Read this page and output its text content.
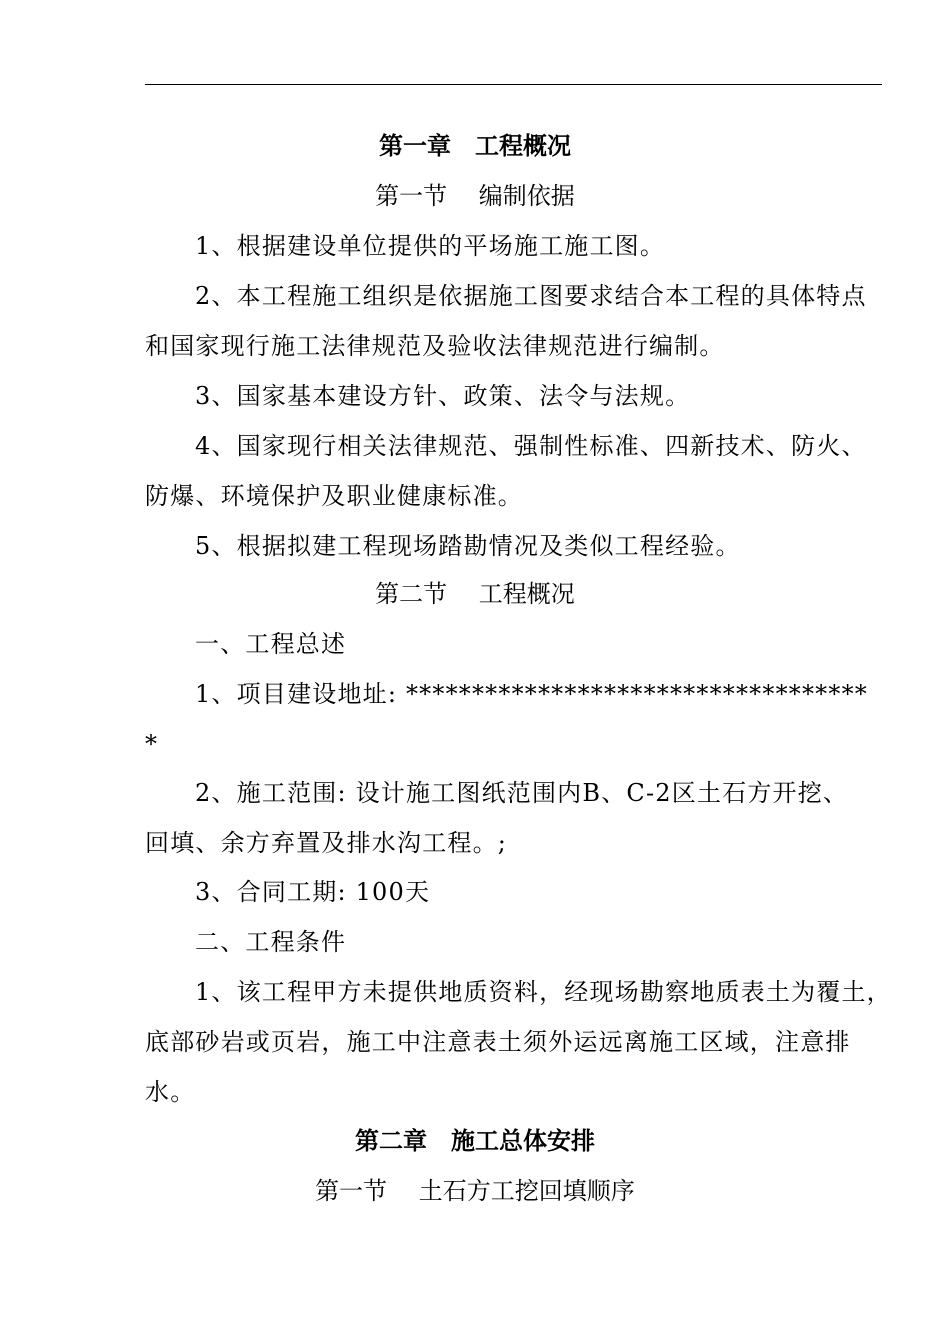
第一章　工程概况
第一节　 编制依据
1、根据建设单位提供的平场施工施工图。
2、本工程施工组织是依据施工图要求结合本工程的具体特点
和国家现行施工法律规范及验收法律规范进行编制。
3、国家基本建设方针、政策、法令与法规。
4、国家现行相关法律规范、强制性标准、四新技术、防火、
防爆、环境保护及职业健康标准。
5、根据拟建工程现场踏勘情况及类似工程经验。
第二节　 工程概况
一、工程总述
1、项目建设地址: ***********************************
*
2、施工范围: 设计施工图纸范围内B、C-2区土石方开挖、
回填、余方弃置及排水沟工程。;
3、合同工期: 100天
二、工程条件
1、该工程甲方未提供地质资料，经现场勘察地质表土为覆土，
底部砂岩或页岩，施工中注意表土须外运远离施工区域，注意排
水。
第二章　施工总体安排
第一节　 土石方工挖回填顺序
